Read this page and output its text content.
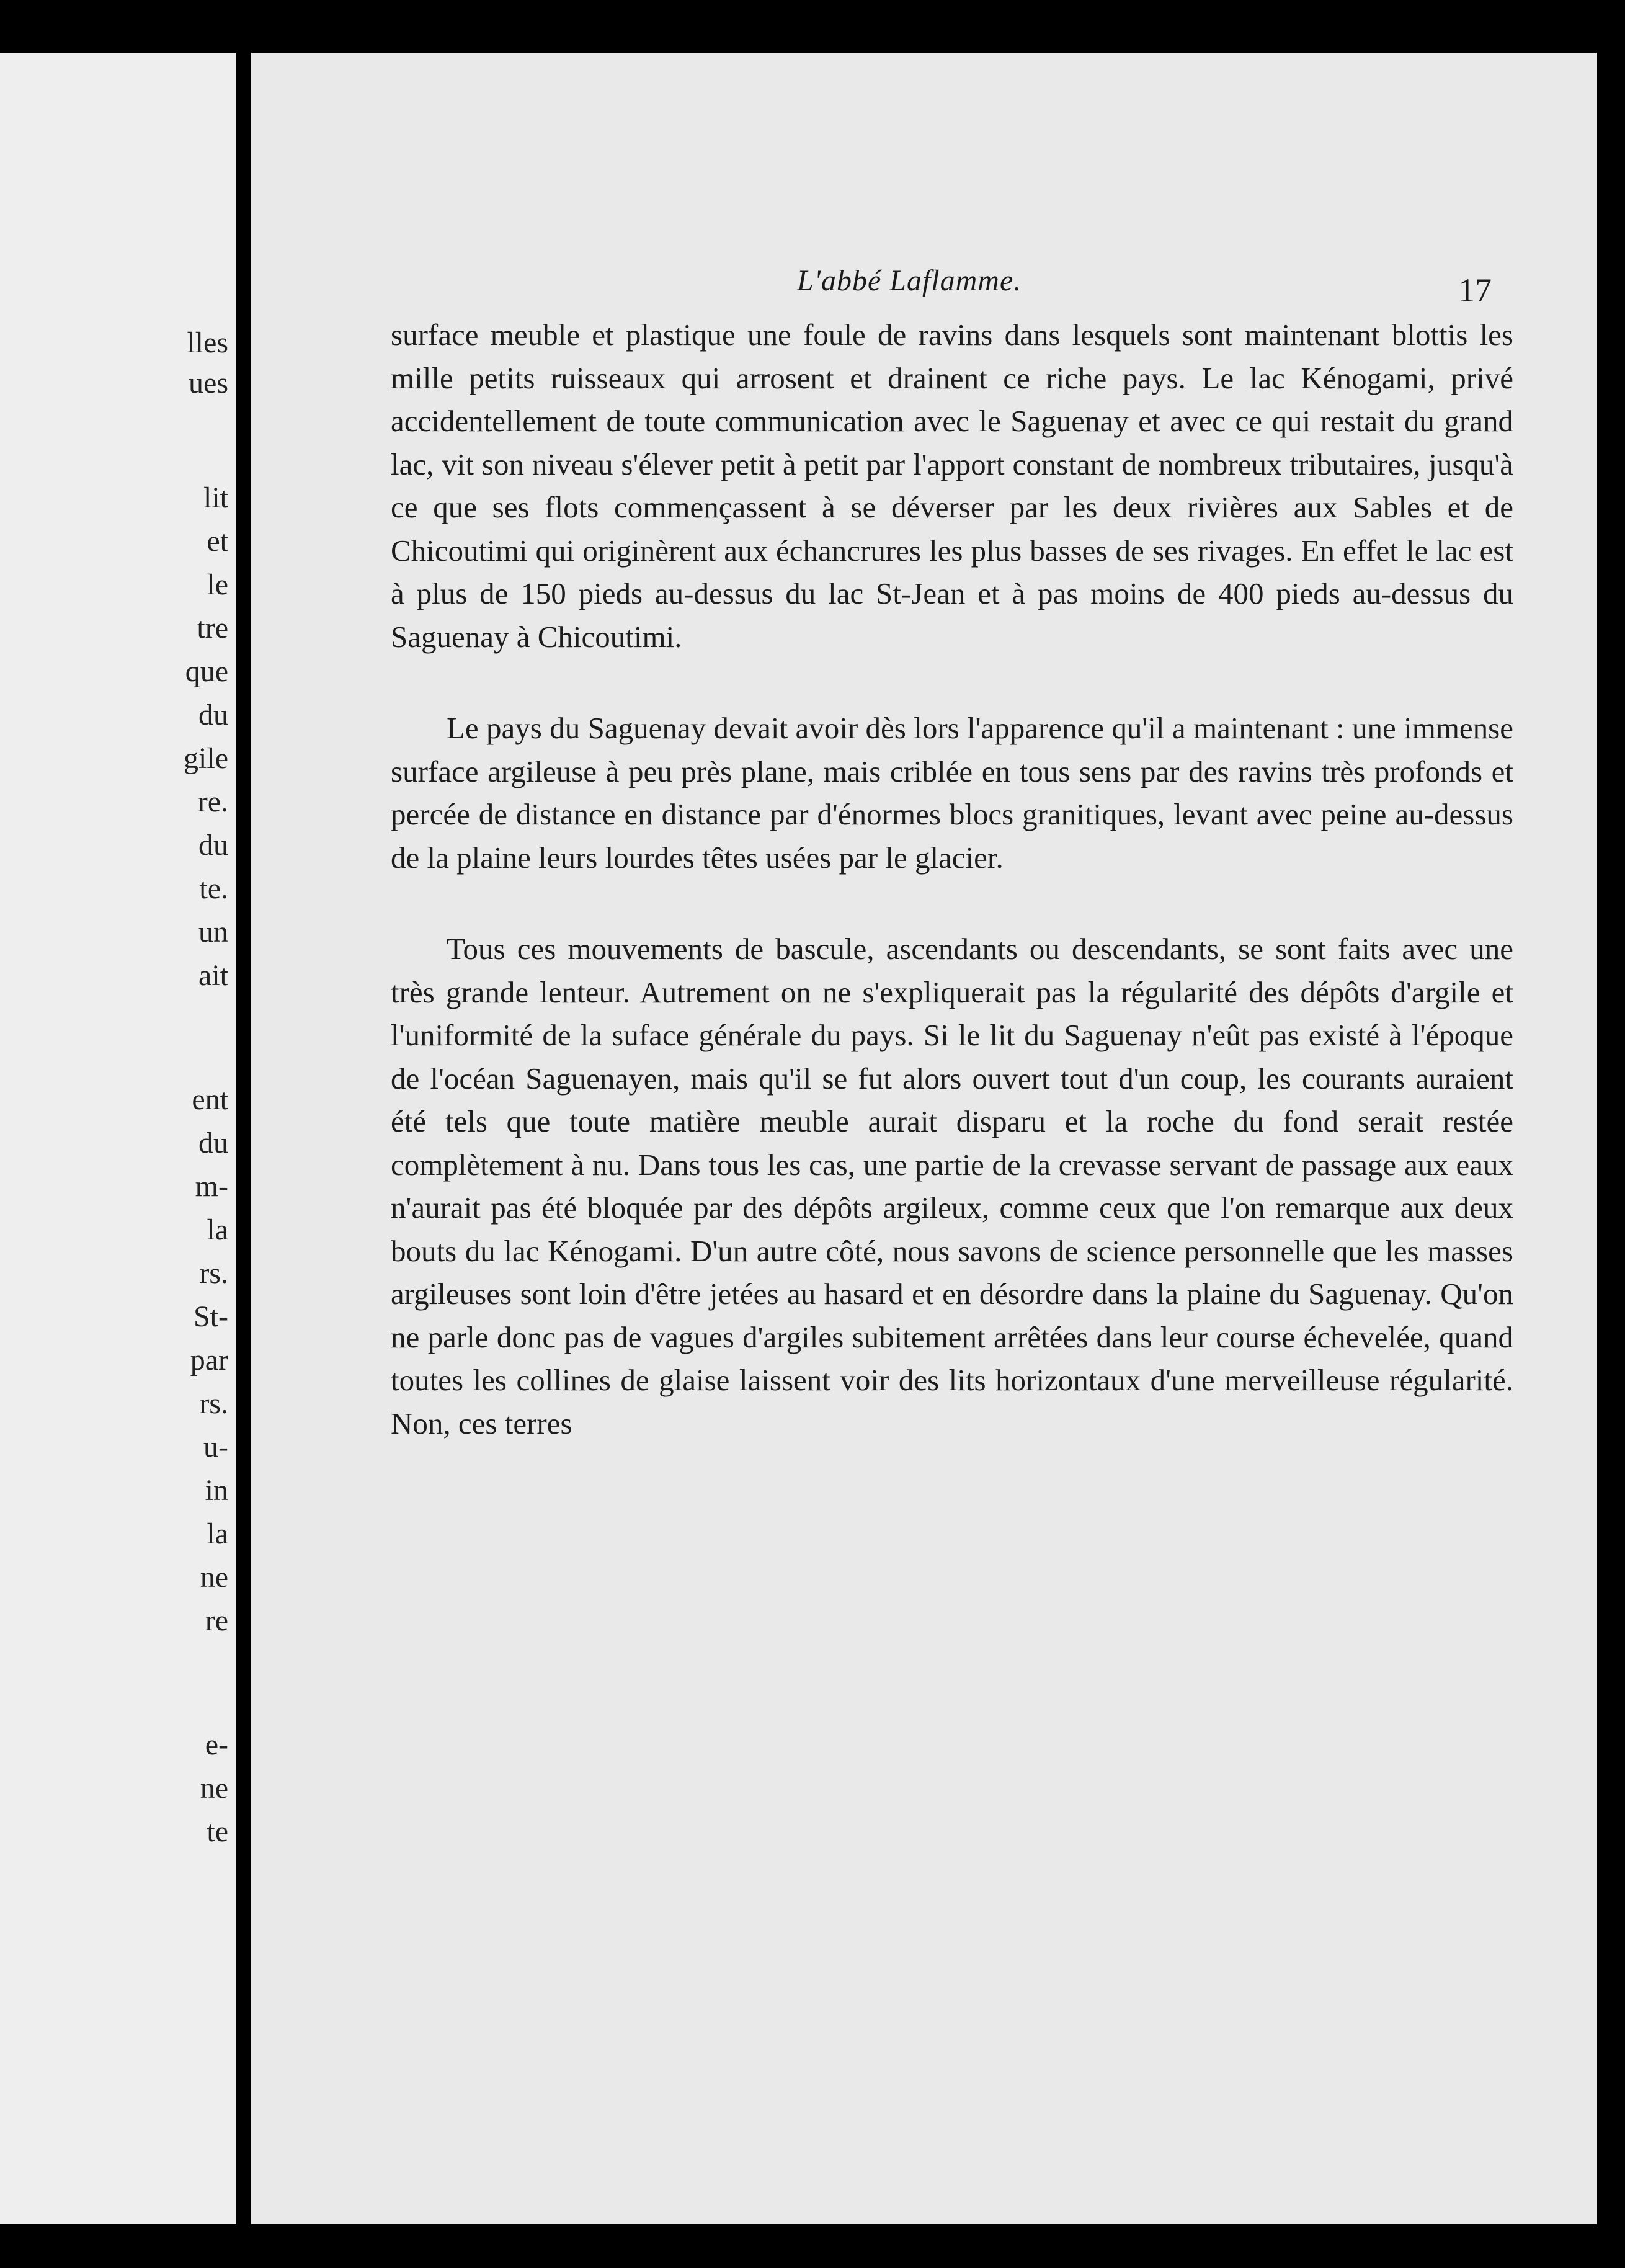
lles
ues
lit
et
le
tre
que
du
gile
re.
du
te.
un
ait
ent
du
m-
la
rs.
St-
par
rs.
u-
in
la
ne
re
e-
ne
te
L'abbé Laflamme.	17

surface meuble et plastique une foule de ravins dans lesquels sont maintenant blottis les mille petits ruisseaux qui arrosent et drainent ce riche pays. Le lac Kénogami, privé accidentellement de toute communication avec le Saguenay et avec ce qui restait du grand lac, vit son niveau s'élever petit à petit par l'apport constant de nombreux tributaires, jusqu'à ce que ses flots commençassent à se déverser par les deux rivières aux Sables et de Chicoutimi qui originèrent aux échancrures les plus basses de ses rivages. En effet le lac est à plus de 150 pieds au-dessus du lac St-Jean et à pas moins de 400 pieds au-dessus du Saguenay à Chicoutimi.

Le pays du Saguenay devait avoir dès lors l'apparence qu'il a maintenant : une immense surface argileuse à peu près plane, mais criblée en tous sens par des ravins très profonds et percée de distance en distance par d'énormes blocs granitiques, levant avec peine au-dessus de la plaine leurs lourdes têtes usées par le glacier.

Tous ces mouvements de bascule, ascendants ou descendants, se sont faits avec une très grande lenteur. Autrement on ne s'expliquerait pas la régularité des dépôts d'argile et l'uniformité de la suface générale du pays. Si le lit du Saguenay n'eût pas existé à l'époque de l'océan Saguenayen, mais qu'il se fut alors ouvert tout d'un coup, les courants auraient été tels que toute matière meuble aurait disparu et la roche du fond serait restée complètement à nu. Dans tous les cas, une partie de la crevasse servant de passage aux eaux n'aurait pas été bloquée par des dépôts argileux, comme ceux que l'on remarque aux deux bouts du lac Kénogami. D'un autre côté, nous savons de science personnelle que les masses argileuses sont loin d'être jetées au hasard et en désordre dans la plaine du Saguenay. Qu'on ne parle donc pas de vagues d'argiles subitement arrêtées dans leur course échevelée, quand toutes les collines de glaise laissent voir des lits horizontaux d'une merveilleuse régularité. Non, ces terres
